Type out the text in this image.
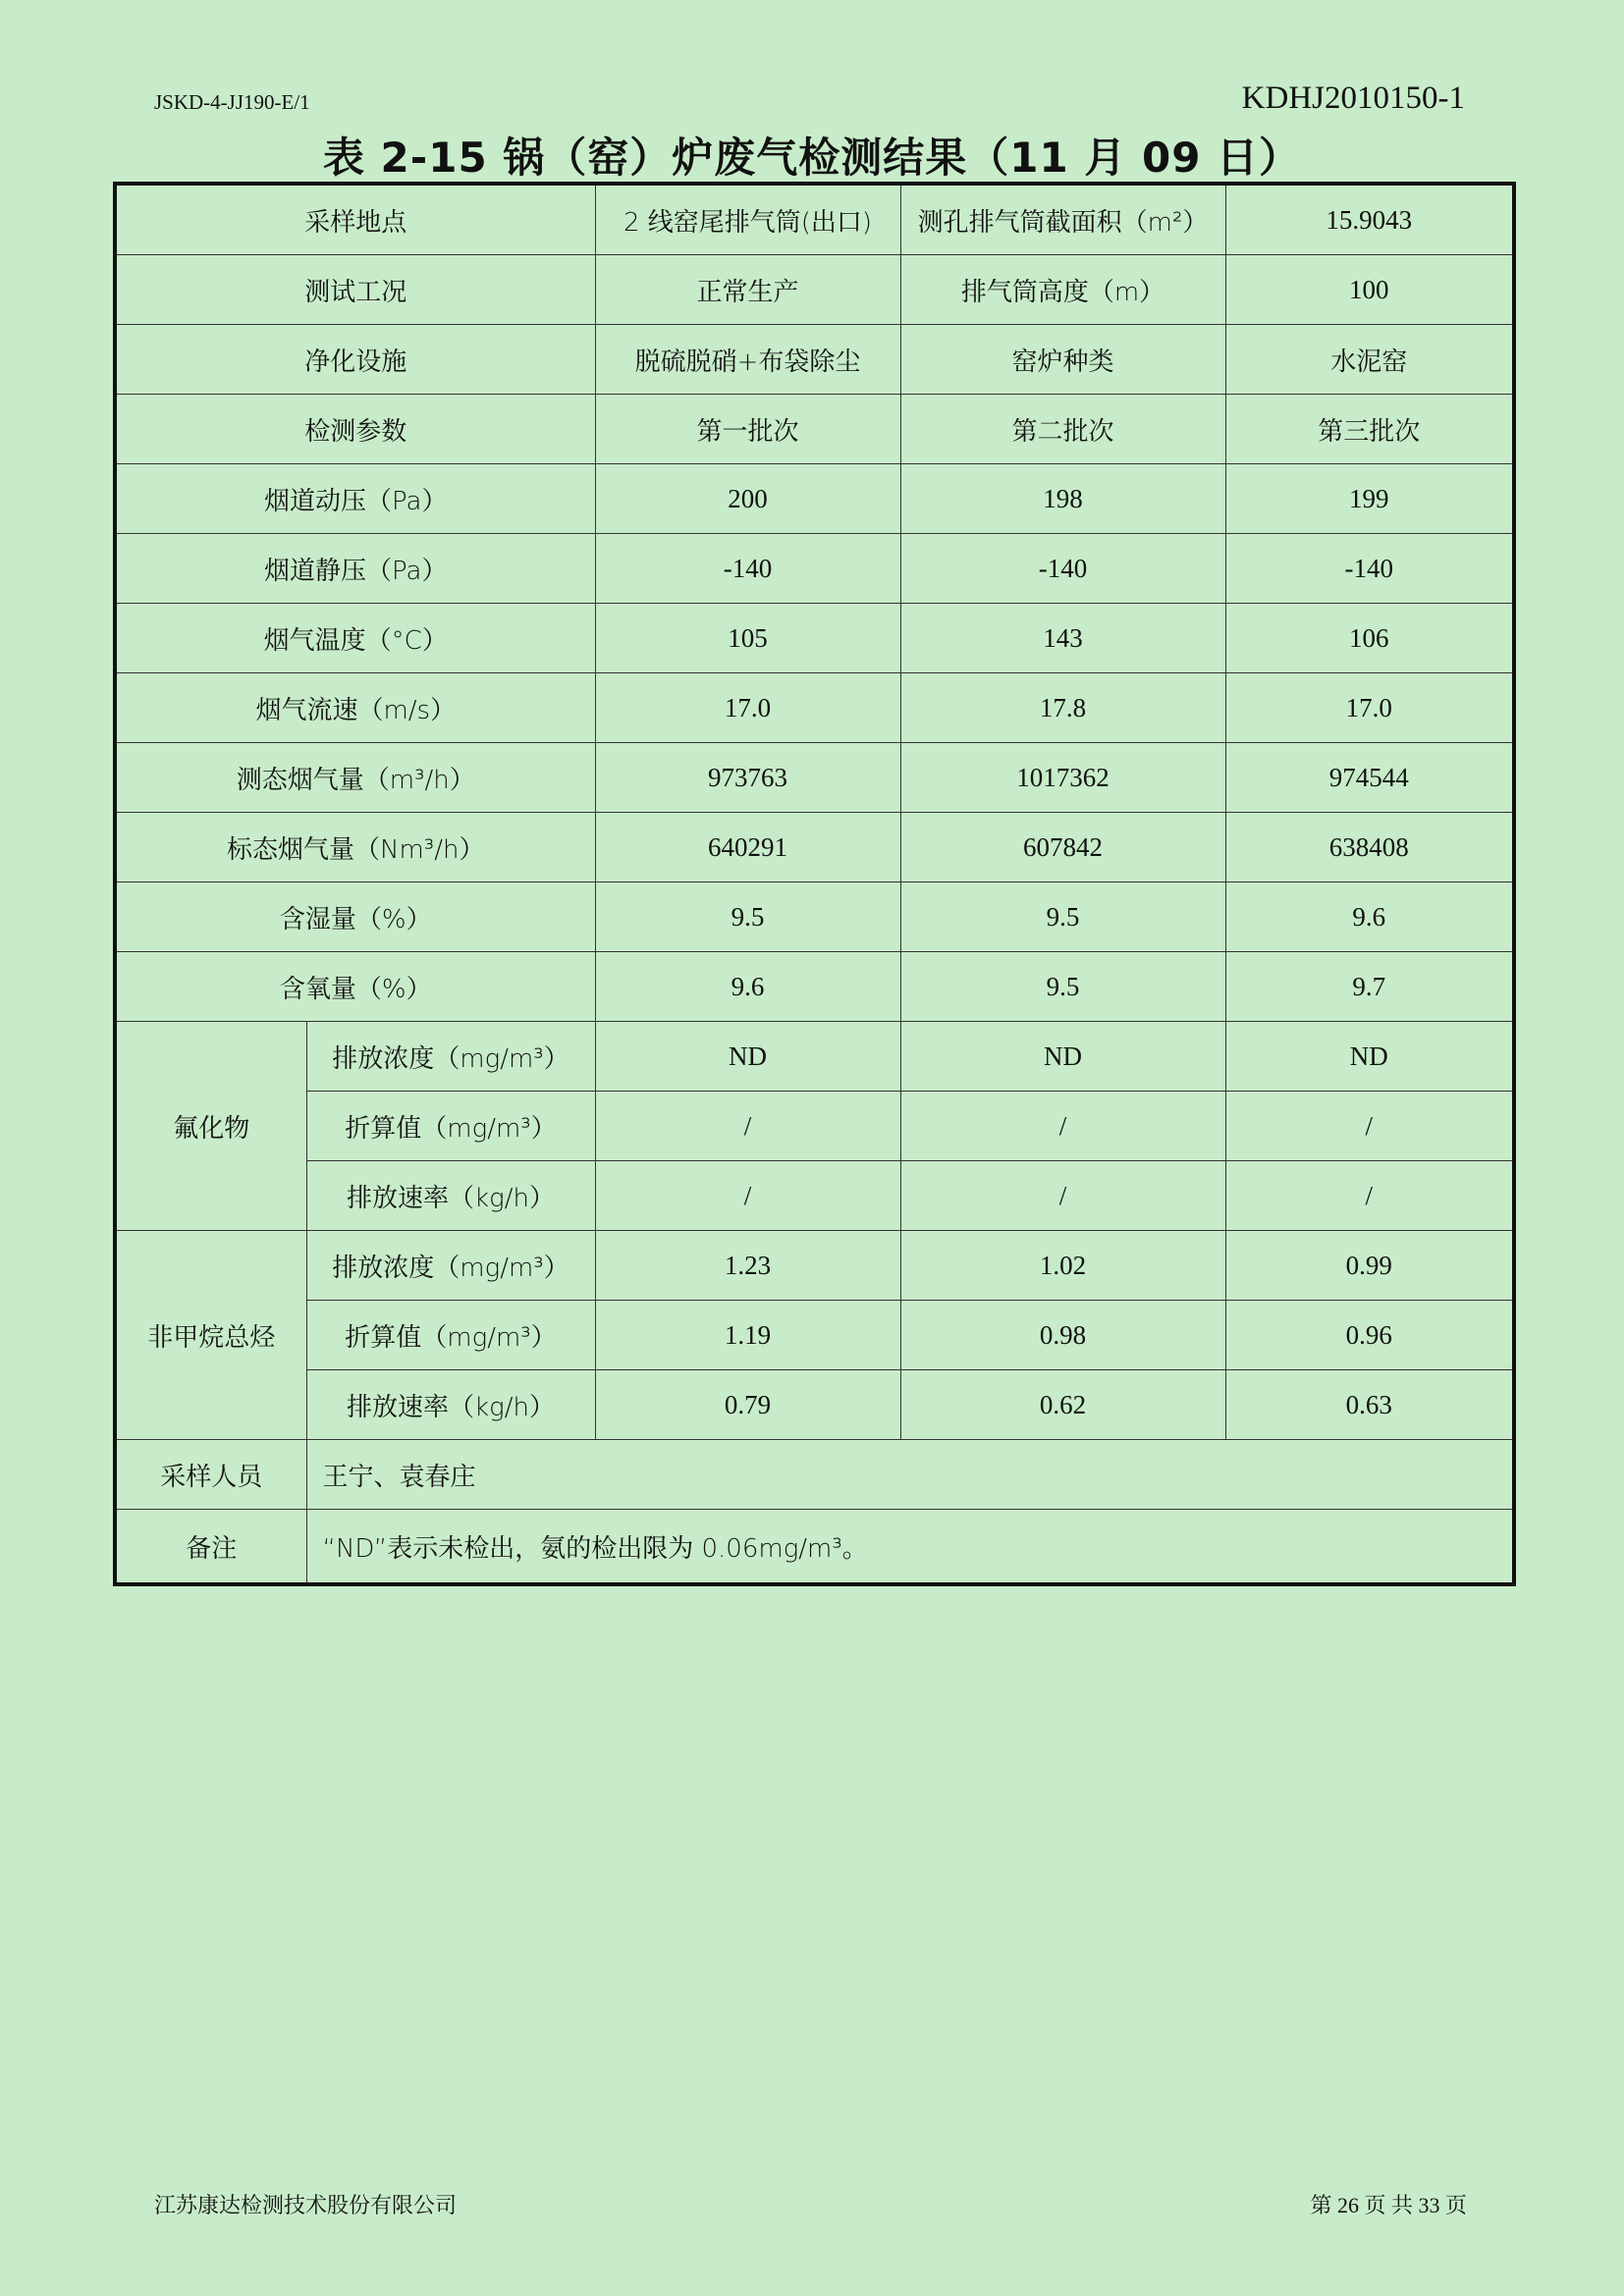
JSKD-4-JJ190-E/1	KDHJ2010150-1
表 2-15 锅（窑）炉废气检测结果（11 月 09 日）
采样地点		2 线窑尾排气筒(出口)	测孔排气筒截面积（m²）	15.9043
测试工况		正常生产	排气筒高度（m）	100
净化设施		脱硫脱硝+布袋除尘	窑炉种类	水泥窑
检测参数		第一批次	第二批次	第三批次
烟道动压（Pa）		200	198	199
烟道静压（Pa）		-140	-140	-140
烟气温度（°C）		105	143	106
烟气流速（m/s）		17.0	17.8	17.0
测态烟气量（m³/h）		973763	1017362	974544
标态烟气量（Nm³/h）		640291	607842	638408
含湿量（%）		9.5	9.5	9.6
含氧量（%）		9.6	9.5	9.7
氟化物	排放浓度（mg/m³）	ND	ND	ND
	折算值（mg/m³）	/	/	/
	排放速率（kg/h）	/	/	/
非甲烷总烃	排放浓度（mg/m³）	1.23	1.02	0.99
	折算值（mg/m³）	1.19	0.98	0.96
	排放速率（kg/h）	0.79	0.62	0.63
采样人员	王宁、袁春庄			
备注	“ND”表示未检出，氨的检出限为 0.06mg/m³。			
江苏康达检测技术股份有限公司	第 26 页 共 33 页
